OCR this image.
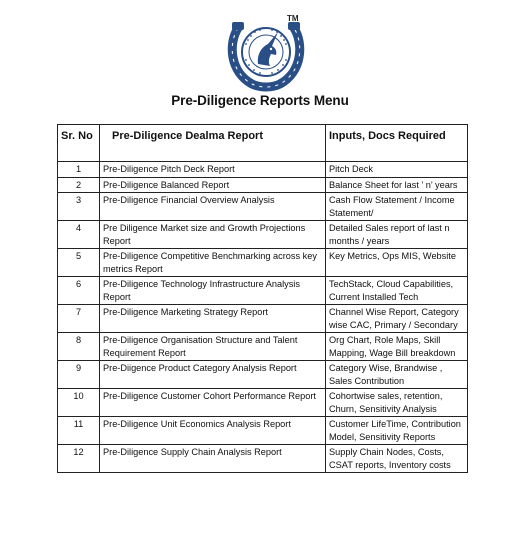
TM
Pre-Diligence Reports Menu
Sr. No	Pre-Diligence Dealma Report	Inputs, Docs Required
1	Pre-Diligence Pitch Deck Report	Pitch Deck
2	Pre-Diligence Balanced Report	Balance Sheet for last ’ n’ years
3	Pre-Diligence Financial Overview Analysis	Cash Flow Statement / Income Statement/
4	Pre Diligence Market size and Growth Projections Report	Detailed Sales report of last n months / years
5	Pre-Diligence Competitive Benchmarking across key metrics Report	Key Metrics, Ops MIS, Website
6	Pre-Diligence Technology Infrastructure Analysis Report	TechStack, Cloud Capabilities, Current Installed Tech
7	Pre-Diligence Marketing Strategy Report	Channel Wise Report, Category wise CAC, Primary / Secondary
8	Pre-Diligence Organisation Structure and Talent Requirement Report	Org Chart, Role Maps, Skill Mapping, Wage Bill breakdown
9	Pre-Diigence Product Category Analysis Report	Category Wise, Brandwise , Sales Contribution
10	Pre-Diligence Customer Cohort Performance Report	Cohortwise sales, retention, Churn, Sensitivity Analysis
11	Pre-Diligence Unit Economics Analysis Report	Customer LifeTime, Contribution Model, Sensitivity Reports
12	Pre-Diligence Supply Chain Analysis Report	Supply Chain Nodes, Costs, CSAT reports, Inventory costs
